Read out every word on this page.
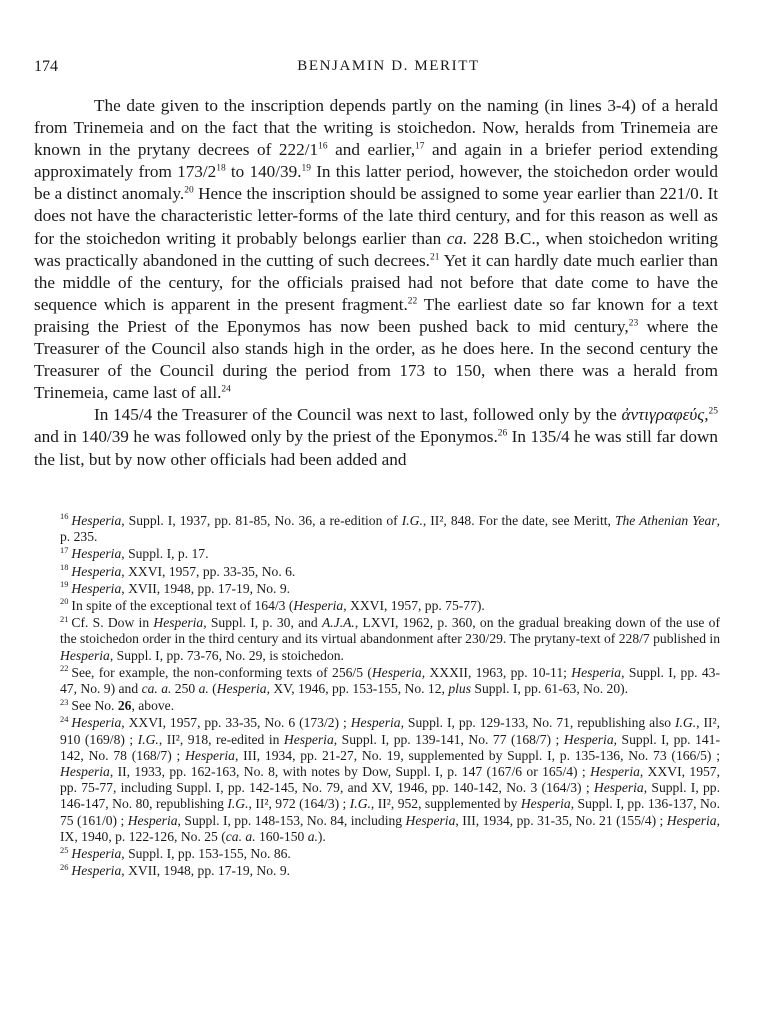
174	BENJAMIN D. MERITT

The date given to the inscription depends partly on the naming (in lines 3-4) of a herald from Trinemeia and on the fact that the writing is stoichedon. Now, heralds from Trinemeia are known in the prytany decrees of $222/1^{16}$ and earlier,$^{17}$ and again in a briefer period extending approximately from $173/2^{18}$ to 140/39.19 In this latter period, however, the stoichedon order would be a distinct anomaly.$^{20}$ Hence the inscription should be assigned to some year earlier than 221/0. It does not have the characteristic letter-forms of the late third century, and for this reason as well as for the stoichedon writing it probably belongs earlier than ca. 228 B.C., when stoichedon writing was practically abandoned in the cutting of such decrees.$^{21}$ Yet it can hardly date much earlier than the middle of the century, for the officials praised had not before that date come to have the sequence which is apparent in the present fragment.$^{22}$ The earliest date so far known for a text praising the Priest of the Eponymos has now been pushed back to mid century,$^{23}$ where the Treasurer of the Council also stands high in the order, as he does here. In the second century the Treasurer of the Council during the period from 173 to 150, when there was a herald from Trinemeia, came last of all.$^{24}$

In 145/4 the Treasurer of the Council was next to last, followed only by the ἀντιγραφεύς,$^{25}$ and in 140/39 he was followed only by the priest of the Eponymos.$^{26}$ In 135/4 he was still far down the list, but by now other officials had been added and

$^{16}$ Hesperia, Suppl. I, 1937, pp. 81-85, No. 36, a re-edition of I.G., II², 848. For the date, see Meritt, The Athenian Year, p. 235.

$^{17}$ Hesperia, Suppl. I, p. 17.

$^{18}$ Hesperia, XXVI, 1957, pp. 33-35, No. 6.

$^{19}$ Hesperia, XVII, 1948, pp. 17-19, No. 9.

$^{20}$ In spite of the exceptional text of 164/3 (Hesperia, XXVI, 1957, pp. 75-77).

$^{21}$ Cf. S. Dow in Hesperia, Suppl. I, p. 30, and A.J.A., LXVI, 1962, p. 360, on the gradual breaking down of the use of the stoichedon order in the third century and its virtual abandonment after 230/29. The prytany-text of 228/7 published in Hesperia, Suppl. I, pp. 73-76, No. 29, is stoichedon.

$^{22}$ See, for example, the non-conforming texts of 256/5 (Hesperia, XXXII, 1963, pp. 10-11; Hesperia, Suppl. I, pp. 43-47, No. 9) and ca. a. 250 a. (Hesperia, XV, 1946, pp. 153-155, No. 12, plus Suppl. I, pp. 61-63, No. 20).

$^{23}$ See No. 26, above.

$^{24}$ Hesperia, XXVI, 1957, pp. 33-35, No. 6 (173/2) ; Hesperia, Suppl. I, pp. 129-133, No. 71, republishing also I.G., II², 910 (169/8) ; I.G., II², 918, re-edited in Hesperia, Suppl. I, pp. 139-141, No. 77 (168/7) ; Hesperia, Suppl. I, pp. 141-142, No. 78 (168/7) ; Hesperia, III, 1934, pp. 21-27, No. 19, supplemented by Suppl. I, p. 135-136, No. 73 (166/5) ; Hesperia, II, 1933, pp. 162-163, No. 8, with notes by Dow, Suppl. I, p. 147 (167/6 or 165/4) ; Hesperia, XXVI, 1957, pp. 75-77, including Suppl. I, pp. 142-145, No. 79, and XV, 1946, pp. 140-142, No. 3 (164/3) ; Hesperia, Suppl. I, pp. 146-147, No. 80, republishing I.G., II², 972 (164/3) ; I.G., II², 952, supplemented by Hesperia, Suppl. I, pp. 136-137, No. 75 (161/0) ; Hesperia, Suppl. I, pp. 148-153, No. 84, including Hesperia, III, 1934, pp. 31-35, No. 21 (155/4) ; Hesperia, IX, 1940, p. 122-126, No. 25 (ca. a. 160-150 a.).

$^{25}$ Hesperia, Suppl. I, pp. 153-155, No. 86.

$^{26}$ Hesperia, XVII, 1948, pp. 17-19, No. 9.
